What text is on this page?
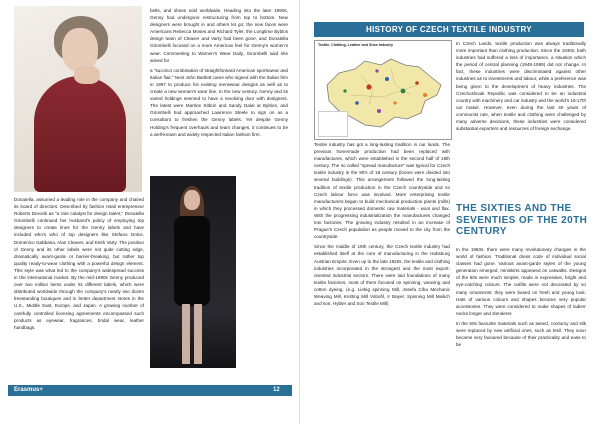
belts, and shoes sold worldwide. Heading into the later 1990s, Genny had undergone restructuring from top to bottom. New designers were brought in and others let go; the new faces were Americans Rebecca Moses and Richard Tyler, the Longtime Byblos design team of Cleaver and Varty had been gone, and Donatella Girombelli focused on a more American feel for Genny's women's wear. Commenting to Women's Wear Daily, Girombelli said she aimed for

a "succinct combination of straightforward American sportswear and Italian flair." Next John Bartlett came who signed with the Italian firm in 1997 to produce his existing menswear designs as well as to create a new women's wear line. In the new century, Genny and its varied holdings seemed to have a revolving door with designers. The latest were Martine Sitbon and Sandy Dalal at Byblos, and Girombelli had approached Lawrence Steele to sign on as a consultant to freshen the Genny labels. Yet despite Genny Holding's frequent overhauls and team changes, it continues to be a well-known and widely respected Italian fashion firm.

Donatella, assumed a leading role in the company and chaired its board of directors. Described by fashion retail entrepreneur Roberto Devorik as "a rare catalyst for design talent," Donatella Girombelli continued her husband's policy of employing top designers to create lines for the Genny labels and have included who's who of top designers like Stefano Dolce, Domenico Gabbana, Alan Cleaver, and Keith Varty. The position of Genny and its other labels were not quite cutting edge, dramatically avant-garde or barrier-breaking, but rather top quality ready-to-wear clothing with a powerful design element. This style was what led to the company's widespread success in the international market. By the mid-1990s Genny produced over two million items under its different labels, which were distributed worldwide through the company's nearly two dozen freestanding boutiques and in better department stores in the U.S., Middle East, Europe, and Japan. A growing number of carefully controlled licensing agreements encompassed such products as eyewear, fragrances, bridal wear, leather handbags,

Erasmus+	12
HISTORY OF CZECH TEXTILE INDUSTRY
Textile, Clothing, Leather and Shoe Industry

Textile industry has got a long-lasting tradition in our lands. The previous homemade production had been replaced with manufactures, which were established in the second half of 18th century. The so called "spread manufacture" was typical for Czech textile industry in the 90's of 18 century (looms were divided into several buildings). This arrangement followed the long-lasting tradition of textile production in the Czech countryside and so Czech labour force was involved. More enterprising textile manufacturers began to build mechanical production plants (mills) in which they processed domestic raw materials - wool and flax. With the progressing industrialization the manufactures changed into factories. The growing industry resulted in an increase of Prague's Czech population as people moved to the city from the countryside.

Since the middle of 19th century, the Czech textile industry had established itself at the core of manufacturing in the Habsburg Austrian Empire. Even up to the late 1920s, the textile and clothing industries incorporated in the strongest and the most export-oriented industrial sectors. There were laid foundations of many textile factories, most of them focused on spinning, weaving and cotton dyeing. (e.g. Liebig spinning Mill, Josefa Ciha Mechanic Weaving Mill, Knitting Mill Vobořil, Ir Bayer, Spinning Mill Meilich and son, Hybler and Son Textile Mill)

In Czech Lands, textile production was always traditionally more important than clothing production. Since the 1930s, both industries had suffered a loss of importance, a situation which the period of central planning (1948-1989) did not change. In fact, these industries were discriminated against other industries as to investments and labour, while a preference was being given to the development of heavy industries. The Czechoslovak Republic was considered to be an industrial country with machinery and car industry and the world's 16-17th car maker. However, even during the last 40 years of communist rule, when textile and clothing were challenged by many adverse decisions, these industries were considered substantial exporters and resources of foreign exchange.

THE SIXTIES AND THE SEVENTIES OF THE 20TH CENTURY

In the 1960s, there were many revolutionary changes in the world of fashion. Traditional dress code of individual social classes had gone. Various avant-garde styles of the young generation emerged, miniskirts appeared on catwalks. Designs of the 60s were much simpler, made in expressive, bright and eye-catching colours. The outfits were not decorated by so many ornaments; they were based on fresh and young look. Hats of various colours and shapes became very popular accessories. They were considered to make shapes of ladies' necks longer and slenderer.

In the 60s favourite materials such as tweed, corduroy and silk were replaced by new artificial ones, such as tesil. They soon became very favoured because of their practicality and ease to be
